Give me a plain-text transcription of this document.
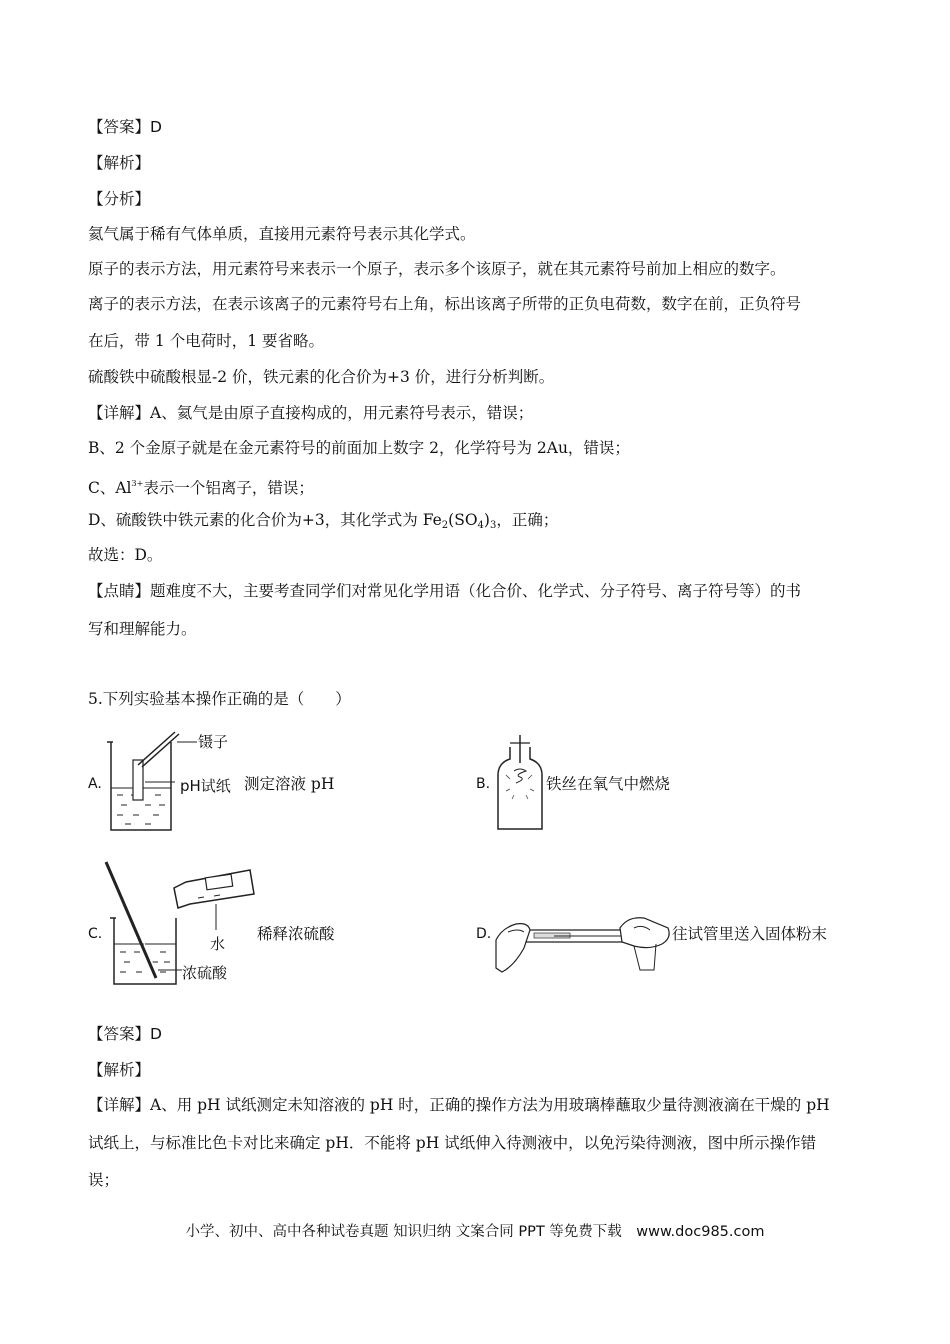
【答案】D
【解析】
【分析】
氦气属于稀有气体单质，直接用元素符号表示其化学式。
原子的表示方法，用元素符号来表示一个原子，表示多个该原子，就在其元素符号前加上相应的数字。
离子的表示方法，在表示该离子的元素符号右上角，标出该离子所带的正负电荷数，数字在前，正负符号
在后，带 1 个电荷时，1 要省略。
硫酸铁中硫酸根显-2 价，铁元素的化合价为+3 价，进行分析判断。
【详解】A、氦气是由原子直接构成的，用元素符号表示，错误；
B、2 个金原子就是在金元素符号的前面加上数字 2，化学符号为 2Au，错误；
C、$Al^{3+}$表示一个铝离子，错误；
D、硫酸铁中铁元素的化合价为+3，其化学式为 $Fe_2(SO_4)_3$，正确；
故选：D。
【点睛】题难度不大，主要考查同学们对常见化学用语（化合价、化学式、分子符号、离子符号等）的书
写和理解能力。
5.下列实验基本操作正确的是（　　）
A.
镊子
pH试纸 测定溶液 pH	B.	铁丝在氧气中燃烧
C.
水
浓硫酸
稀释浓硫酸	D.	往试管里送入固体粉末
【答案】D
【解析】
【详解】A、用 pH 试纸测定未知溶液的 pH 时，正确的操作方法为用玻璃棒蘸取少量待测液滴在干燥的 pH
试纸上，与标准比色卡对比来确定 pH．不能将 pH 试纸伸入待测液中，以免污染待测液，图中所示操作错
误；
小学、初中、高中各种试卷真题 知识归纳 文案合同 PPT 等免费下载　www.doc985.com
